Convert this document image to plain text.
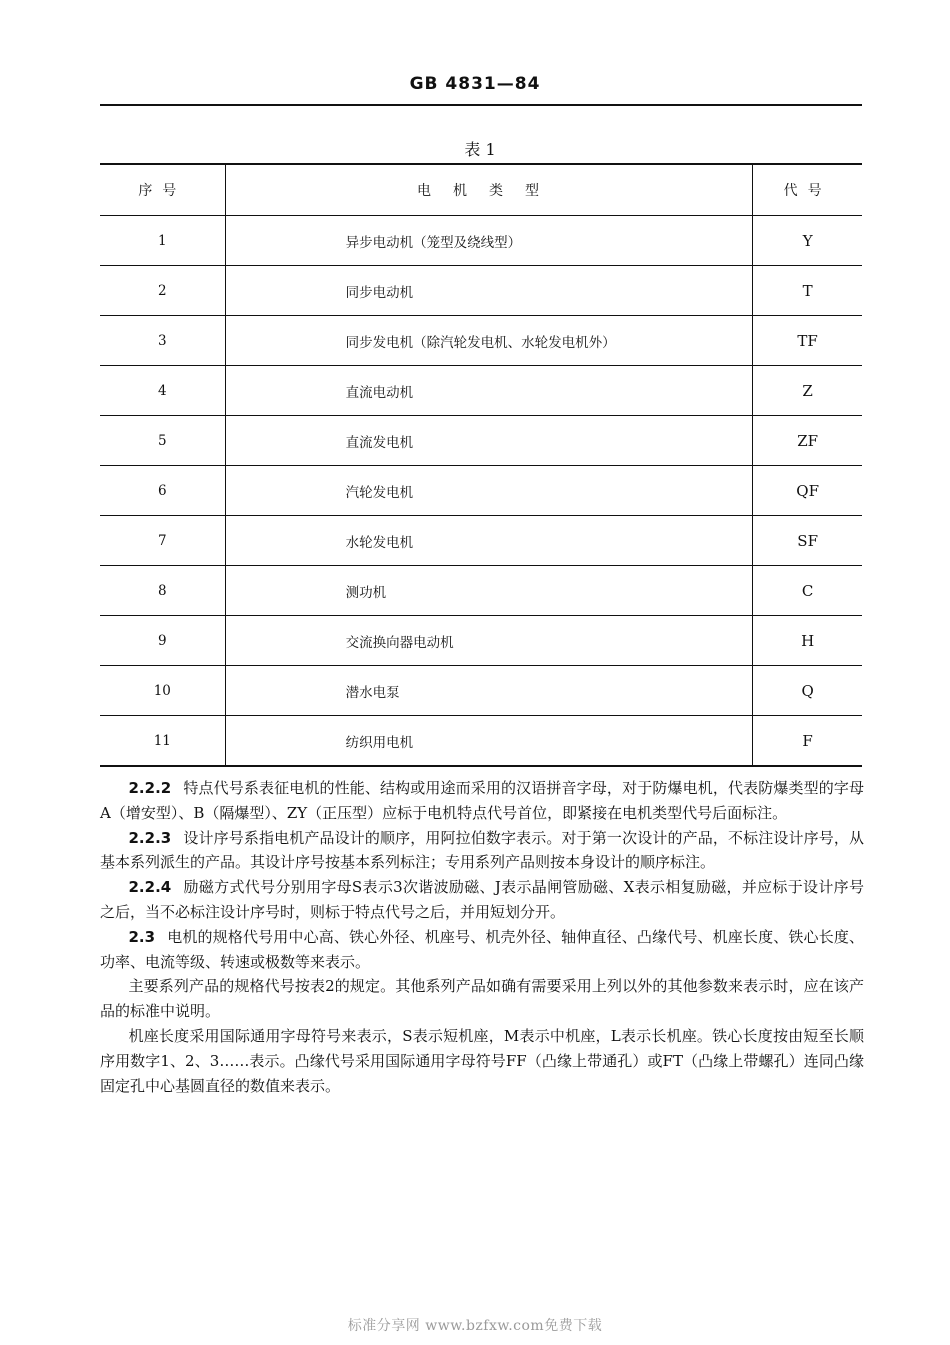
GB 4831—84
表 1
序号	电机类型	代号
1	异步电动机（笼型及绕线型）	Y
2	同步电动机	T
3	同步发电机（除汽轮发电机、水轮发电机外）	TF
4	直流电动机	Z
5	直流发电机	ZF
6	汽轮发电机	QF
7	水轮发电机	SF
8	测功机	C
9	交流换向器电动机	H
10	潜水电泵	Q
11	纺织用电机	F

2.2.2 特点代号系表征电机的性能、结构或用途而采用的汉语拼音字母，对于防爆电机，代表防爆类型的字母A（增安型）、B（隔爆型）、ZY（正压型）应标于电机特点代号首位，即紧接在电机类型代号后面标注。

2.2.3 设计序号系指电机产品设计的顺序，用阿拉伯数字表示。对于第一次设计的产品，不标注设计序号，从基本系列派生的产品。其设计序号按基本系列标注；专用系列产品则按本身设计的顺序标注。

2.2.4 励磁方式代号分别用字母S表示3次谐波励磁、J表示晶闸管励磁、X表示相复励磁，并应标于设计序号之后，当不必标注设计序号时，则标于特点代号之后，并用短划分开。

2.3 电机的规格代号用中心高、铁心外径、机座号、机壳外径、轴伸直径、凸缘代号、机座长度、铁心长度、功率、电流等级、转速或极数等来表示。

主要系列产品的规格代号按表2的规定。其他系列产品如确有需要采用上列以外的其他参数来表示时，应在该产品的标准中说明。

机座长度采用国际通用字母符号来表示，S表示短机座，M表示中机座，L表示长机座。铁心长度按由短至长顺序用数字1、2、3……表示。凸缘代号采用国际通用字母符号FF（凸缘上带通孔）或FT（凸缘上带螺孔）连同凸缘固定孔中心基圆直径的数值来表示。

标准分享网 www.bzfxw.com免费下载
